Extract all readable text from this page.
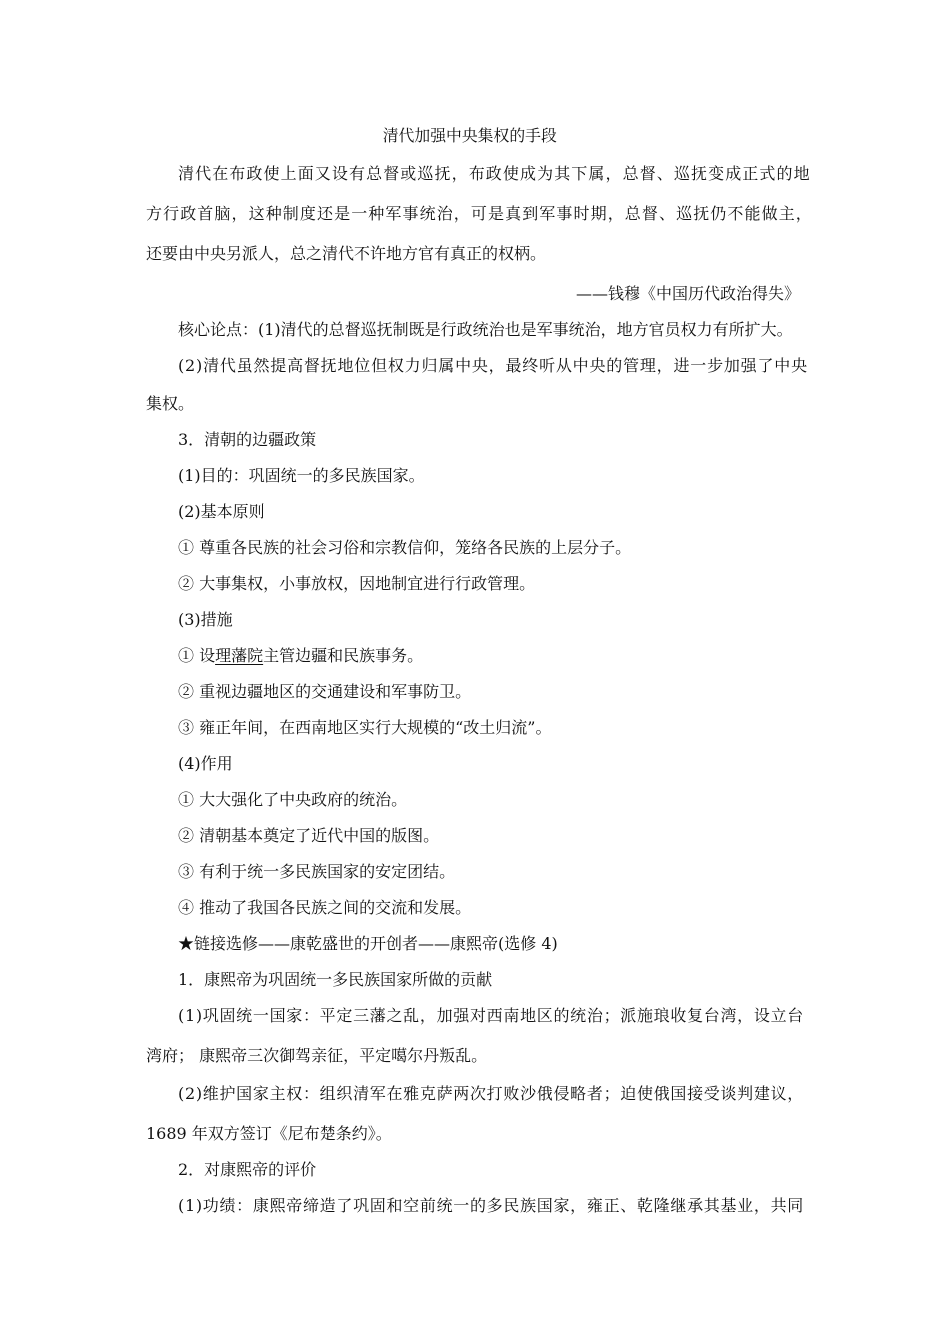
清代加强中央集权的手段
清代在布政使上面又设有总督或巡抚，布政使成为其下属，总督、巡抚变成正式的地
方行政首脑，这种制度还是一种军事统治，可是真到军事时期，总督、巡抚仍不能做主，
还要由中央另派人，总之清代不许地方官有真正的权柄。
——钱穆《中国历代政治得失》
核心论点：(1)清代的总督巡抚制既是行政统治也是军事统治，地方官员权力有所扩大。
(2)清代虽然提高督抚地位但权力归属中央，最终听从中央的管理，进一步加强了中央
集权。
3．清朝的边疆政策
(1)目的：巩固统一的多民族国家。
(2)基本原则
① 尊重各民族的社会习俗和宗教信仰，笼络各民族的上层分子。
② 大事集权，小事放权，因地制宜进行行政管理。
(3)措施
① 设理藩院主管边疆和民族事务。
② 重视边疆地区的交通建设和军事防卫。
③ 雍正年间，在西南地区实行大规模的“改土归流”。
(4)作用
① 大大强化了中央政府的统治。
② 清朝基本奠定了近代中国的版图。
③ 有利于统一多民族国家的安定团结。
④ 推动了我国各民族之间的交流和发展。
★链接选修——康乾盛世的开创者——康熙帝(选修 4)
1．康熙帝为巩固统一多民族国家所做的贡献
(1)巩固统一国家：平定三藩之乱，加强对西南地区的统治；派施琅收复台湾，设立台
湾府； 康熙帝三次御驾亲征，平定噶尔丹叛乱。
(2)维护国家主权：组织清军在雅克萨两次打败沙俄侵略者；迫使俄国接受谈判建议，
1689 年双方签订《尼布楚条约》。
2．对康熙帝的评价
(1)功绩：康熙帝缔造了巩固和空前统一的多民族国家，雍正、乾隆继承其基业，共同
